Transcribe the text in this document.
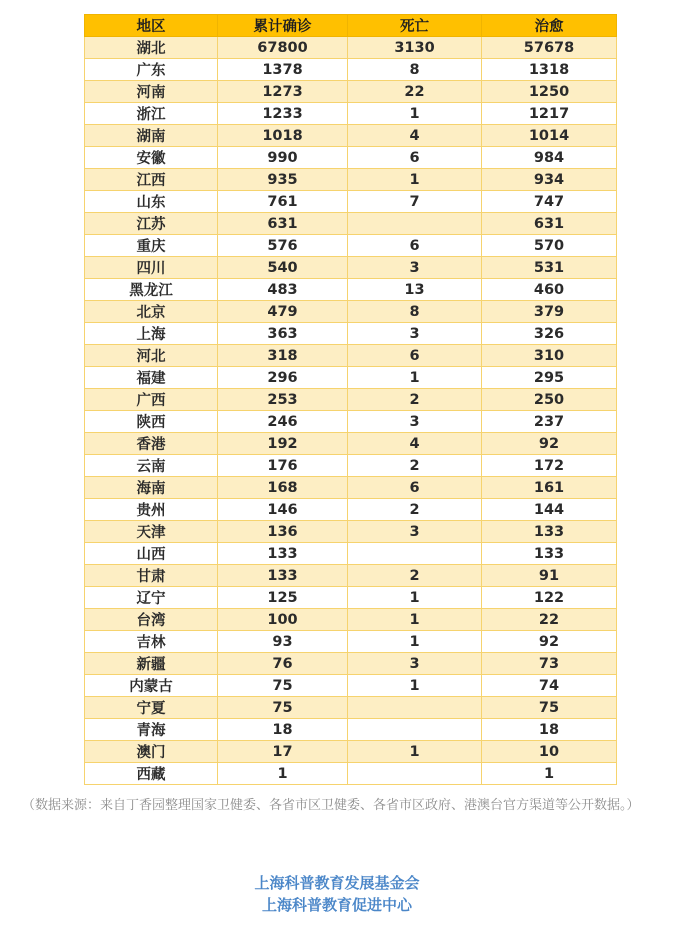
地区	累计确诊	死亡	治愈
湖北	67800	3130	57678
广东	1378	8	1318
河南	1273	22	1250
浙江	1233	1	1217
湖南	1018	4	1014
安徽	990	6	984
江西	935	1	934
山东	761	7	747
江苏	631		631
重庆	576	6	570
四川	540	3	531
黑龙江	483	13	460
北京	479	8	379
上海	363	3	326
河北	318	6	310
福建	296	1	295
广西	253	2	250
陕西	246	3	237
香港	192	4	92
云南	176	2	172
海南	168	6	161
贵州	146	2	144
天津	136	3	133
山西	133		133
甘肃	133	2	91
辽宁	125	1	122
台湾	100	1	22
吉林	93	1	92
新疆	76	3	73
内蒙古	75	1	74
宁夏	75		75
青海	18		18
澳门	17	1	10
西藏	1		1

（数据来源：来自丁香园整理国家卫健委、各省市区卫健委、各省市区政府、港澳台官方渠道等公开数据。）

上海科普教育发展基金会
上海科普教育促进中心
